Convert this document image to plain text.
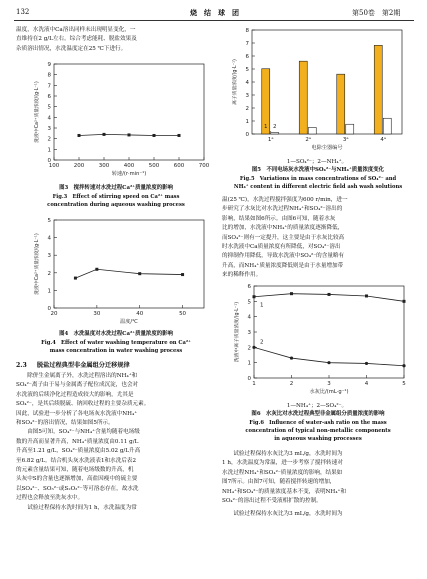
132	烧　结　球　团	第50卷　第2期
温度，水洗液中Ca溶出同样未出现明显变化，一
直维持在2 g/L左右。综合考虑能耗、脱盐效果及
杂质溶出情况，水洗温度定在25 ℃下进行。
0
1
2
3
4
5
6
7
8
9
100	200	300	400	500	600	700
洗液中Ca²⁺质量浓度/(g·L⁻¹)
转速/(r·min⁻¹)
图3　搅拌转速对水洗过程Ca²⁺质量浓度的影响
Fig.3　Effect of stirring speed on Ca²⁺ mass
concentration during aqueous washing process
0
1
2
3
4
5
20	30	40	50
洗液中Ca²⁺质量浓度/(g·L⁻¹)
温度/℃
图4　水洗温度对水洗过程Ca²⁺质量浓度的影响
Fig.4　Effect of water washing temperature on Ca²⁺
mass concentration in water washing process
2.3 脱盐过程典型非金属组分迁移规律

除併生金属离子外，水洗过程溶出的NH₄⁺和

SO₄²⁻离子由于易与金属离子配位成沉淀，也会对
水洗液的后续净化过程造成较大的影响，尤其是
SO₄²⁻，是其后续脱硫、钠回收过程的主要杂质元素。
因此，试验进一步分析了各电场灰水洗液中NH₄⁺
和SO₄²⁻的溶出情况，结果如图5所示。

由图5可知，SO₄²⁻与NH₄⁺含量均随着电场级

数的升高而显著升高，NH₄⁺质量浓度由0.11 g/L
升高至1.21 g/L，SO₄²⁻质量浓度由5.02 g/L升高
至6.82 g/L。结合机头灰水洗液表1和水洗后表2
的元素含量结果可知，随着电场级数的升高，机
头灰中S的含量也逐渐增加，高盐因瘦中的硫主要
以SO₄²⁻、SO₃²⁻或S₂O₃²⁻等可溶态存在，故水洗
过程也会释放至洗灰水中。

试验过程保持水洗时间为1 h，水洗温度为常

0
1
2
3
4
5
6
7
8
1ᵃ	2ᵃ	3ᵃ	4ᵃ
离子质量浓度/(g·L⁻¹)
电除尘器编号
1 2
1—SO₄²⁻；2—NH₄⁺。
图5　不同电场灰水洗液中SO₄²⁻与NH₄⁺质量浓度变化
Fig.5　Variations in mass concentrations of SO₄²⁻ and
NH₄⁺ content in different electric field ash wash solutions
温(25 ℃)，水洗过程搅拌强度为600 r/min，进一
步研究了水灰比对水洗过程NH₄⁺和SO₄²⁻溶出的
影响，结果如图6所示。由图6可知，随着水灰
比的增加，水洗液中NH₄⁺的质量浓度逐渐降低，
而SO₄²⁻则有一定提升，这主要是由于水灰比较高
时水洗液中Ca质量浓度有所降低，对SO₄²⁻溶出
的抑制作用降低，导致水洗液中SO₄²⁻的含量略有
升高，而NH₄⁺质量浓度降低则是由于水量增加带
来的稀释作用。
0
1
2
3
4
5
6
1	2	3	4	5
洗液中离子质量浓度/(g·L⁻¹)
水灰比/(mL·g⁻¹)
1
2
1—NH₄⁺；2—SO₄²⁻。
图6　水灰比对水洗过程典型非金属组分质量浓度的影响
Fig.6　Influence of water-ash ratio on the mass
concentration of typical non-metallic components
in aqueous washing processes

试验过程保持水灰比为3 mL/g，水洗时间为

1 h，水洗温度为常温，进一步考察了搅拌转速对
水洗过程NH₄⁺和SO₄²⁻质量浓度的影响，结果如
图7所示。由图7可知，随着搅拌转速的增加，
NH₄⁺和SO₄²⁻的质量浓度基本不变，表明NH₄⁺和
SO₄²⁻的溶出过程不受液相扩散的控制。

试验过程保持水灰比为3 mL/g，水洗时间为
